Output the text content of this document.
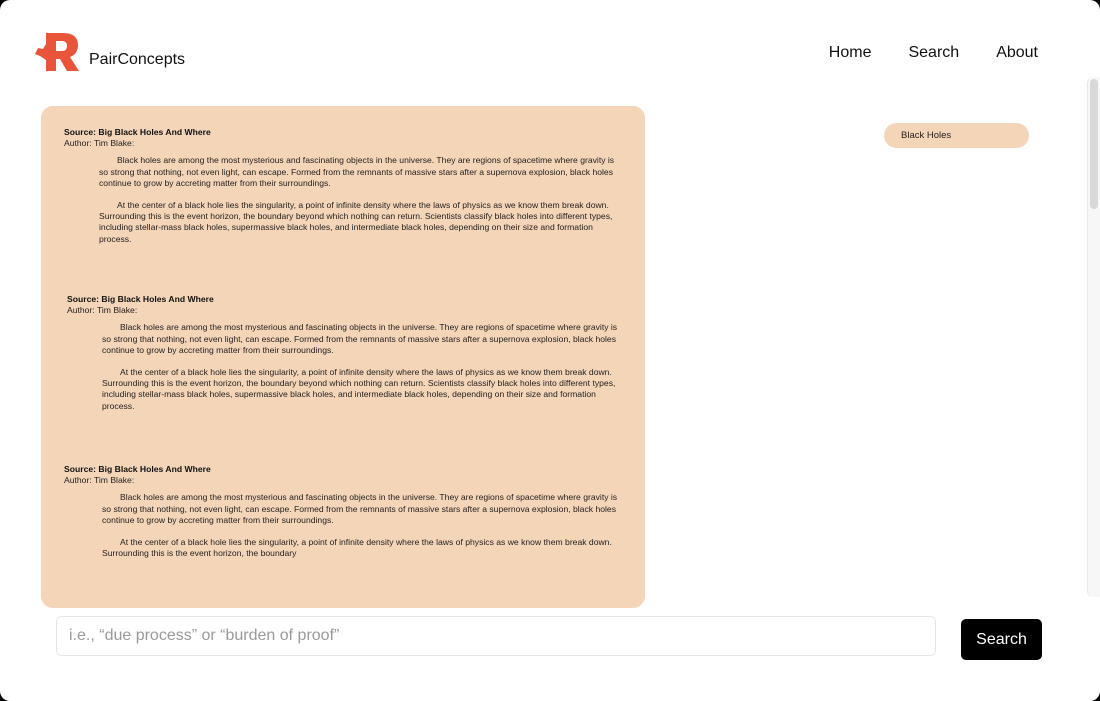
PairConcepts	Home Search About
Source: Big Black Holes And Where
Author: Tim Blake:

Black holes are among the most mysterious and fascinating objects in the universe. They are regions of spacetime where gravity is so strong that nothing, not even light, can escape. Formed from the remnants of massive stars after a supernova explosion, black holes continue to grow by accreting matter from their surroundings.

At the center of a black hole lies the singularity, a point of infinite density where the laws of physics as we know them break down. Surrounding this is the event horizon, the boundary beyond which nothing can return. Scientists classify black holes into different types, including stellar-mass black holes, supermassive black holes, and intermediate black holes, depending on their size and formation process.

Source: Big Black Holes And Where
Author: Tim Blake:

Black holes are among the most mysterious and fascinating objects in the universe. They are regions of spacetime where gravity is so strong that nothing, not even light, can escape. Formed from the remnants of massive stars after a supernova explosion, black holes continue to grow by accreting matter from their surroundings.

At the center of a black hole lies the singularity, a point of infinite density where the laws of physics as we know them break down. Surrounding this is the event horizon, the boundary beyond which nothing can return. Scientists classify black holes into different types, including stellar-mass black holes, supermassive black holes, and intermediate black holes, depending on their size and formation process.

Source: Big Black Holes And Where
Author: Tim Blake:

Black holes are among the most mysterious and fascinating objects in the universe. They are regions of spacetime where gravity is so strong that nothing, not even light, can escape. Formed from the remnants of massive stars after a supernova explosion, black holes continue to grow by accreting matter from their surroundings.

At the center of a black hole lies the singularity, a point of infinite density where the laws of physics as we know them break down. Surrounding this is the event horizon, the boundary

Black Holes
i.e., “due process” or “burden of proof”
Search
